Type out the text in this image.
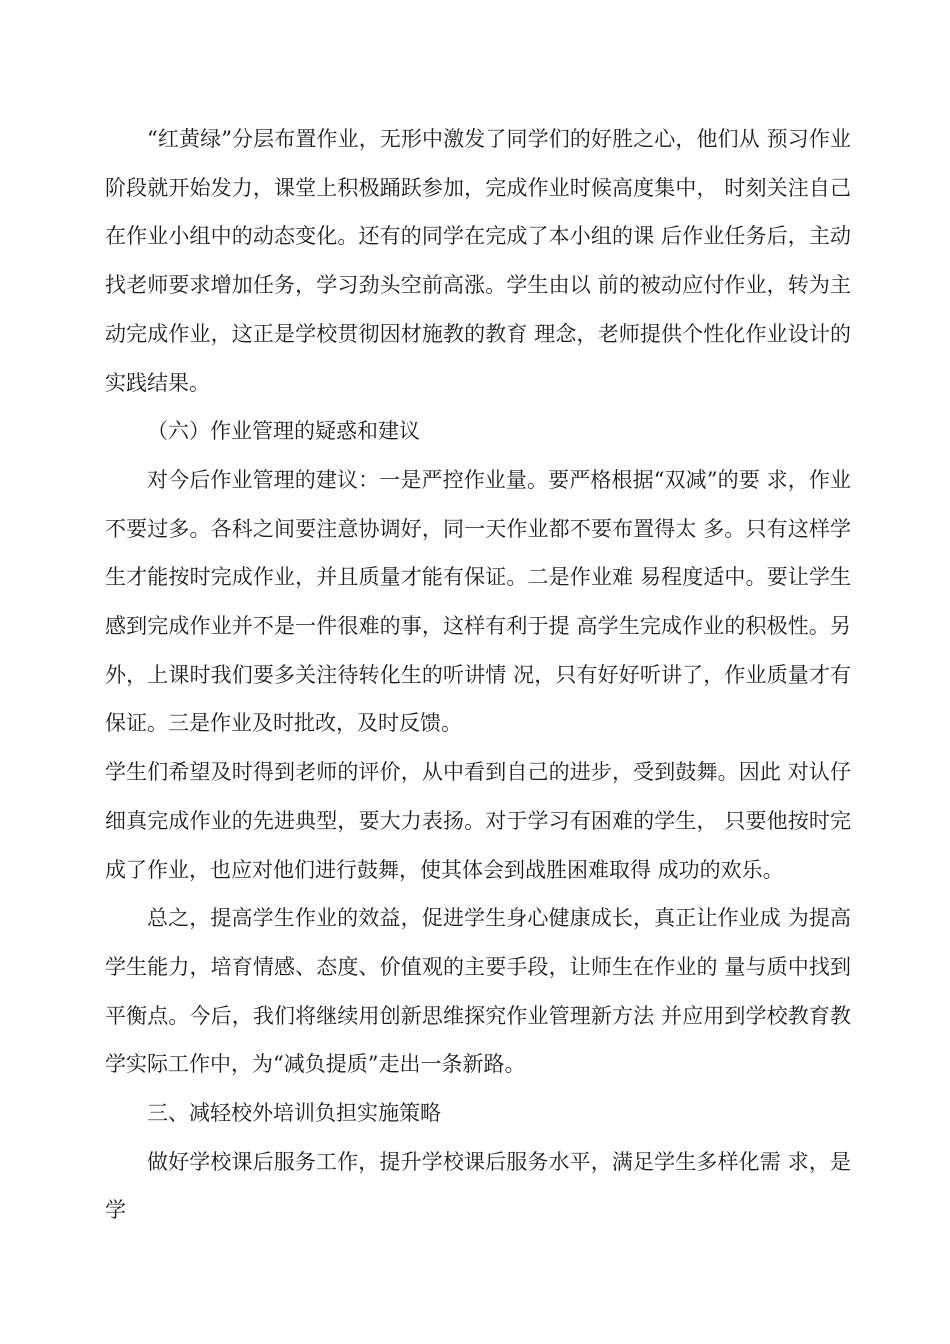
“红黄绿”分层布置作业，无形中激发了同学们的好胜之心，他们从 预习作业阶段就开始发力，课堂上积极踊跃参加，完成作业时候高度集中， 时刻关注自己在作业小组中的动态变化。还有的同学在完成了本小组的课 后作业任务后，主动找老师要求增加任务，学习劲头空前高涨。学生由以 前的被动应付作业，转为主动完成作业，这正是学校贯彻因材施教的教育 理念，老师提供个性化作业设计的实践结果。

（六）作业管理的疑惑和建议

对今后作业管理的建议：一是严控作业量。要严格根据“双减”的要 求，作业不要过多。各科之间要注意协调好，同一天作业都不要布置得太 多。只有这样学生才能按时完成作业，并且质量才能有保证。二是作业难 易程度适中。要让学生感到完成作业并不是一件很难的事，这样有利于提 高学生完成作业的积极性。另外，上课时我们要多关注待转化生的听讲情 况，只有好好听讲了，作业质量才有保证。三是作业及时批改，及时反馈。

学生们希望及时得到老师的评价，从中看到自己的进步，受到鼓舞。因此 对认仔细真完成作业的先进典型，要大力表扬。对于学习有困难的学生， 只要他按时完成了作业，也应对他们进行鼓舞，使其体会到战胜困难取得 成功的欢乐。

总之，提高学生作业的效益，促进学生身心健康成长，真正让作业成 为提高学生能力，培育情感、态度、价值观的主要手段，让师生在作业的 量与质中找到平衡点。今后，我们将继续用创新思维探究作业管理新方法 并应用到学校教育教学实际工作中，为“减负提质”走出一条新路。

三、减轻校外培训负担实施策略

做好学校课后服务工作，提升学校课后服务水平，满足学生多样化需 求，是学
